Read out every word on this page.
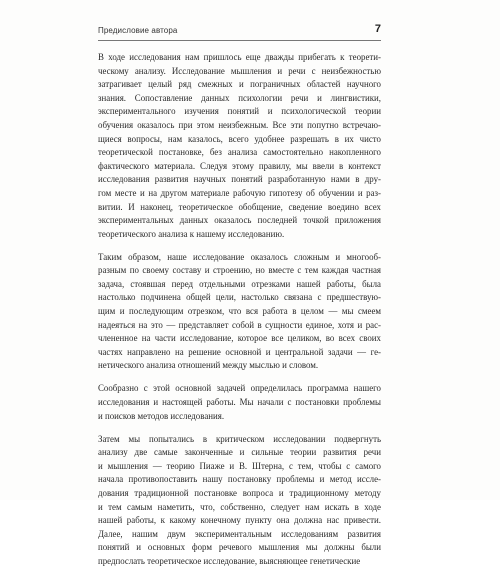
Предисловие автора	7
В ходе исследования нам пришлось еще дважды прибегать к теорети-
ческому анализу. Исследование мышления и речи с неизбежностью
затрагивает целый ряд смежных и пограничных областей научного
знания. Сопоставление данных психологии речи и лингвистики,
экспериментального изучения понятий и психологической теории
обучения оказалось при этом неизбежным. Все эти попутно встречаю-
щиеся вопросы, нам казалось, всего удобнее разрешать в их чисто
теоретической постановке, без анализа самостоятельно накопленного
фактического материала. Следуя этому правилу, мы ввели в контекст
исследования развития научных понятий разработанную нами в дру-
гом месте и на другом материале рабочую гипотезу об обучении и раз-
витии. И наконец, теоретическое обобщение, сведение воедино всех
экспериментальных данных оказалось последней точкой приложения
теоретического анализа к нашему исследованию.
Таким образом, наше исследование оказалось сложным и многооб-
разным по своему составу и строению, но вместе с тем каждая частная
задача, стоявшая перед отдельными отрезками нашей работы, была
настолько подчинена общей цели, настолько связана с предшествую-
щим и последующим отрезком, что вся работа в целом — мы смеем
надеяться на это — представляет собой в сущности единое, хотя и рас-
члененное на части исследование, которое все целиком, во всех своих
частях направлено на решение основной и центральной задачи — ге-
нетического анализа отношений между мыслью и словом.
Сообразно с этой основной задачей определилась программа нашего
исследования и настоящей работы. Мы начали с постановки проблемы
и поисков методов исследования.
Затем мы попытались в критическом исследовании подвергнуть
анализу две самые законченные и сильные теории развития речи
и мышления — теорию Пиаже и В. Штерна, с тем, чтобы с самого
начала противопоставить нашу постановку проблемы и метод иссле-
дования традиционной постановке вопроса и традиционному методу
и тем самым наметить, что, собственно, следует нам искать в ходе
нашей работы, к какому конечному пункту она должна нас привести.
Далее, нашим двум экспериментальным исследованиям развития
понятий и основных форм речевого мышления мы должны были
предпослать теоретическое исследование, выясняющее генетические
